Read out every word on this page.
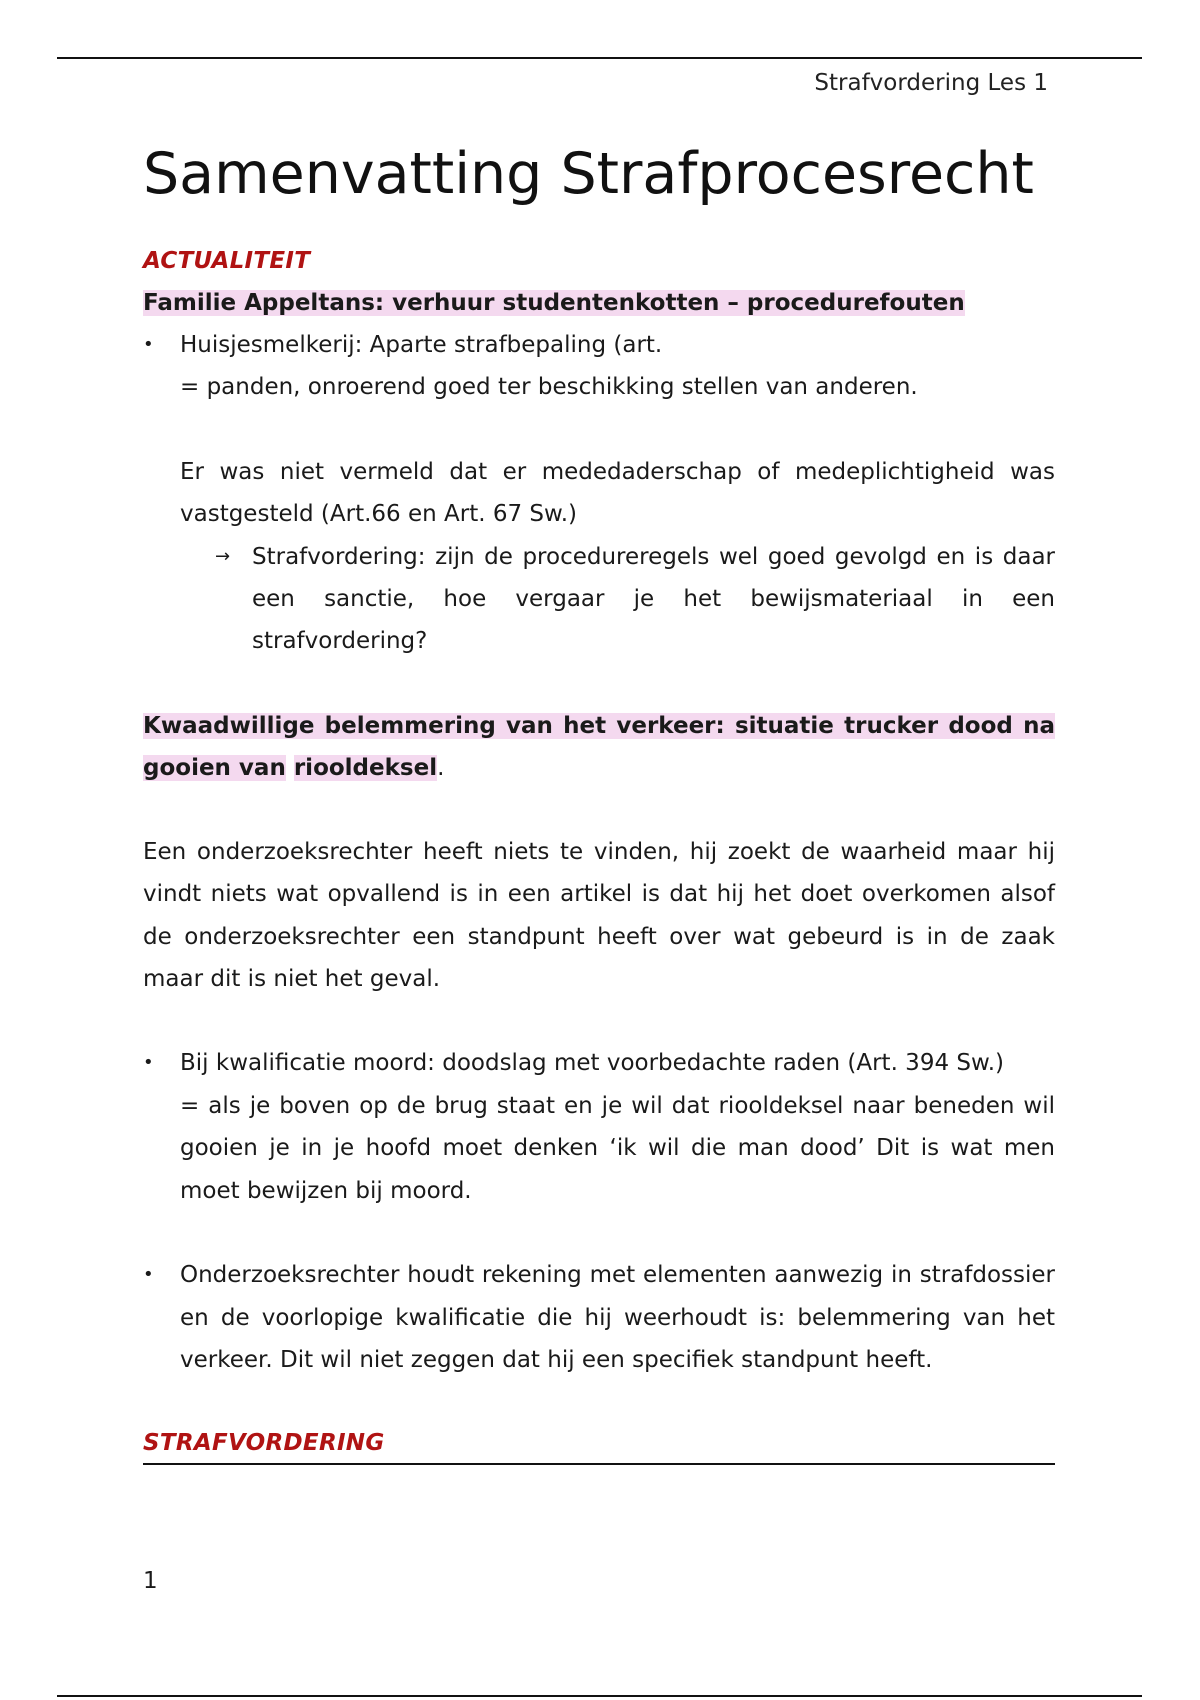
Strafvordering Les 1

Samenvatting Strafprocesrecht
ACTUALITEIT

Familie Appeltans: verhuur studentenkotten – procedurefouten

• Huisjesmelkerij: Aparte strafbepaling (art.

= panden, onroerend goed ter beschikking stellen van anderen.

Er was niet vermeld dat er mededaderschap of medeplichtigheid was vastgesteld (Art.66 en Art. 67 Sw.)

→ Strafvordering: zijn de procedureregels wel goed gevolgd en is daar een sanctie, hoe vergaar je het bewijsmateriaal in een strafvordering?

Kwaadwillige belemmering van het verkeer: situatie trucker dood na gooien van riooldeksel.

Een onderzoeksrechter heeft niets te vinden, hij zoekt de waarheid maar hij vindt niets wat opvallend is in een artikel is dat hij het doet overkomen alsof de onderzoeksrechter een standpunt heeft over wat gebeurd is in de zaak maar dit is niet het geval.

• Bij kwalificatie moord: doodslag met voorbedachte raden (Art. 394 Sw.)

= als je boven op de brug staat en je wil dat riooldeksel naar beneden wil gooien je in je hoofd moet denken ‘ik wil die man dood’ Dit is wat men moet bewijzen bij moord.

• Onderzoeksrechter houdt rekening met elementen aanwezig in strafdossier en de voorlopige kwalificatie die hij weerhoudt is: belemmering van het verkeer. Dit wil niet zeggen dat hij een specifiek standpunt heeft.
STRAFVORDERING

1
